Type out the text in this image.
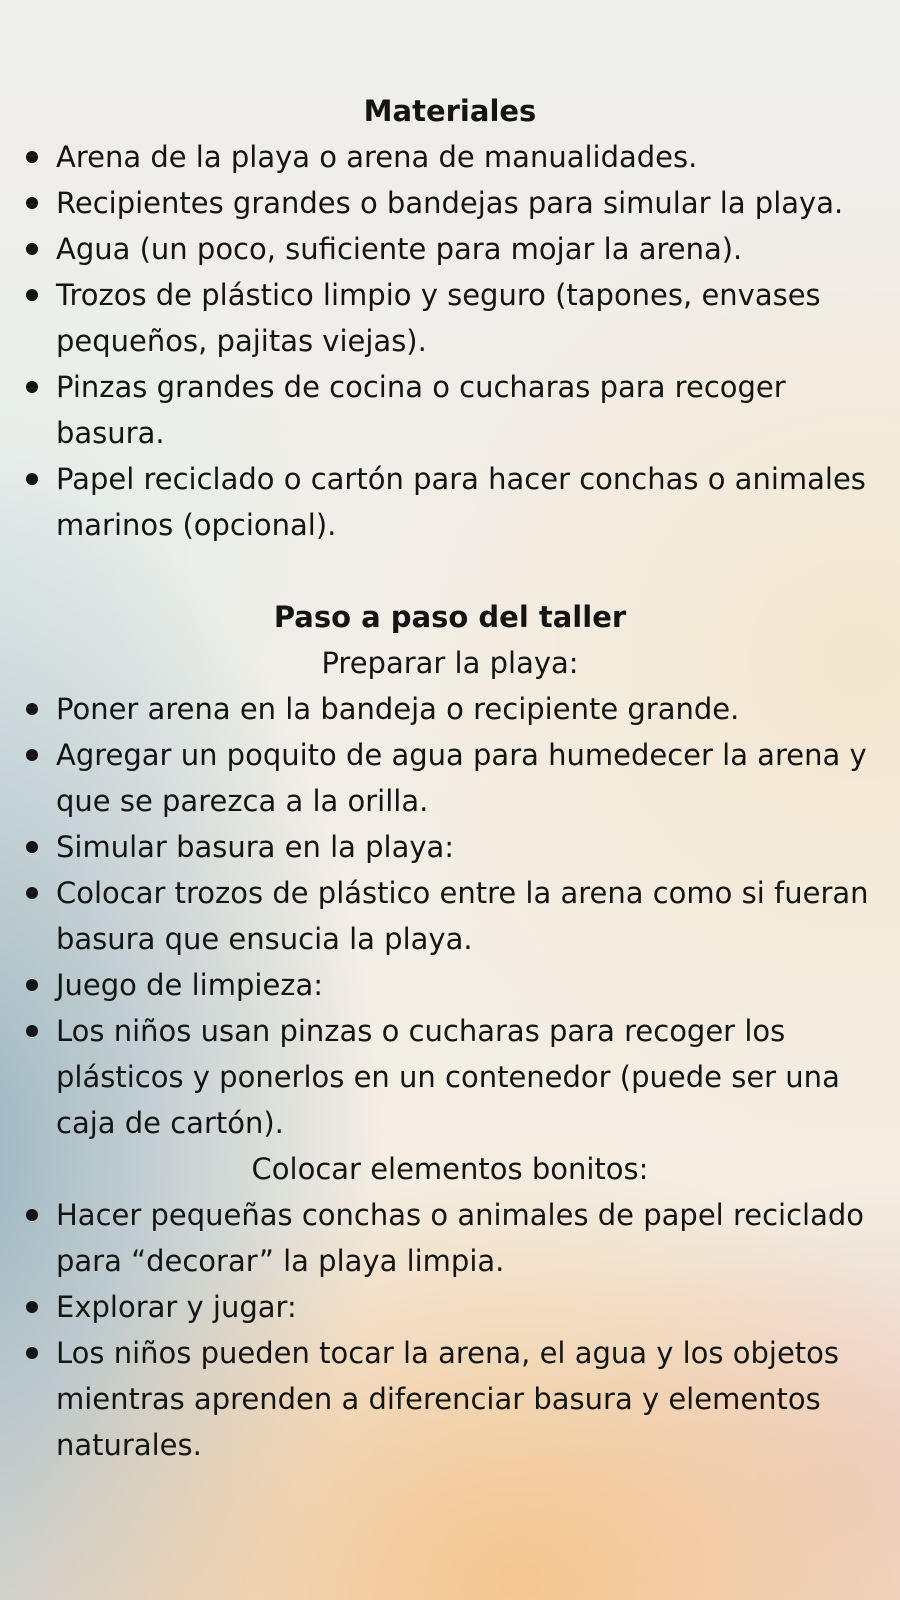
Materiales
Arena de la playa o arena de manualidades.
Recipientes grandes o bandejas para simular la playa.
Agua (un poco, suficiente para mojar la arena).
Trozos de plástico limpio y seguro (tapones, envases pequeños, pajitas viejas).
Pinzas grandes de cocina o cucharas para recoger basura.
Papel reciclado o cartón para hacer conchas o animales marinos (opcional).
Paso a paso del taller

Preparar la playa:

Poner arena en la bandeja o recipiente grande.
Agregar un poquito de agua para humedecer la arena y que se parezca a la orilla.
Simular basura en la playa:
Colocar trozos de plástico entre la arena como si fueran basura que ensucia la playa.
Juego de limpieza:
Los niños usan pinzas o cucharas para recoger los plásticos y ponerlos en un contenedor (puede ser una caja de cartón).

Colocar elementos bonitos:

Hacer pequeñas conchas o animales de papel reciclado para “decorar” la playa limpia.
Explorar y jugar:
Los niños pueden tocar la arena, el agua y los objetos mientras aprenden a diferenciar basura y elementos naturales.
